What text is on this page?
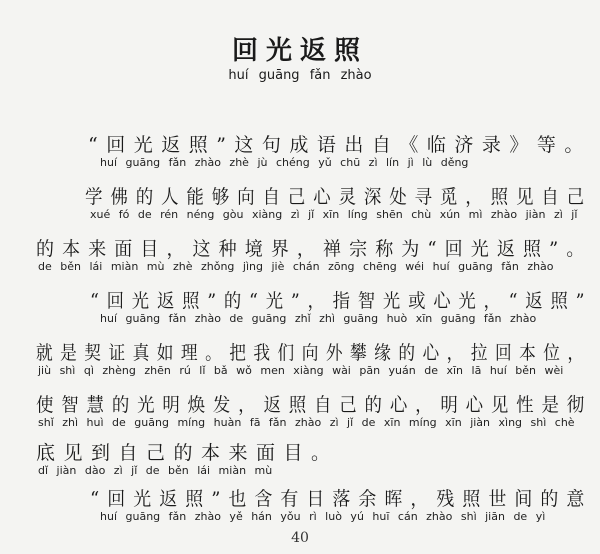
回光返照
huí guāng fǎn zhào
“回光返照”这句成语出自《临济录》等。
huí guāng fǎn zhào zhè jù chéng yǔ chū zì lín jì lù děng
学佛的人能够向自己心灵深处寻觅，照见自己
xué fó de rén néng gòu xiàng zì jǐ xīn líng shēn chù xún mì zhào jiàn zì jǐ
的本来面目，这种境界，禅宗称为“回光返照”。
de běn lái miàn mù zhè zhǒng jìng jiè chán zōng chēng wéi huí guāng fǎn zhào
“回光返照”的“光”，指智光或心光，“返照”
huí guāng fǎn zhào de guāng zhǐ zhì guāng huò xīn guāng fǎn zhào
就是契证真如理。把我们向外攀缘的心，拉回本位，
jiù shì qì zhèng zhēn rú lǐ bǎ wǒ men xiàng wài pān yuán de xīn lā huí běn wèi
使智慧的光明焕发，返照自己的心，明心见性是彻
shǐ zhì huì de guāng míng huàn fā fǎn zhào zì jǐ de xīn míng xīn jiàn xìng shì chè
底见到自己的本来面目。
dǐ jiàn dào zì jǐ de běn lái miàn mù
“回光返照”也含有日落余晖，残照世间的意
huí guāng fǎn zhào yě hán yǒu rì luò yú huī cán zhào shì jiān de yì
40
